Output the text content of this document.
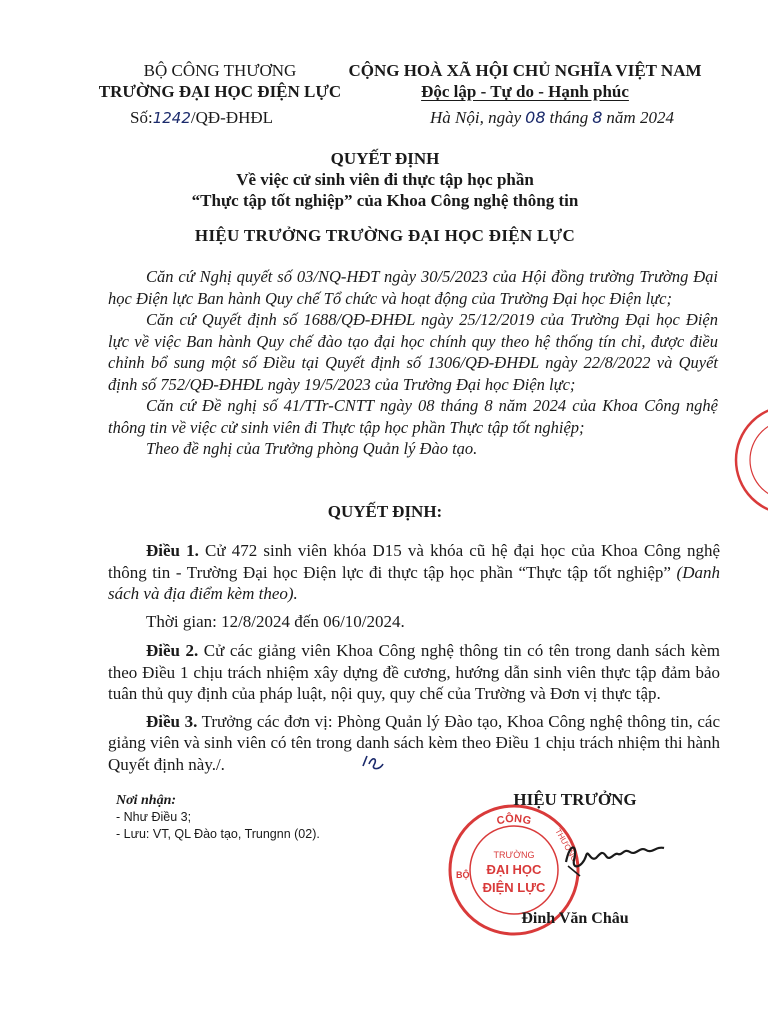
BỘ CÔNG THƯƠNG
TRƯỜNG ĐẠI HỌC ĐIỆN LỰC
CỘNG HOÀ XÃ HỘI CHỦ NGHĨA VIỆT NAM
Độc lập - Tự do - Hạnh phúc
Số:1242/QĐ-ĐHĐL	Hà Nội, ngày 08 tháng 8 năm 2024
QUYẾT ĐỊNH
Về việc cử sinh viên đi thực tập học phần
“Thực tập tốt nghiệp” của Khoa Công nghệ thông tin
HIỆU TRƯỞNG TRƯỜNG ĐẠI HỌC ĐIỆN LỰC

Căn cứ Nghị quyết số 03/NQ-HĐT ngày 30/5/2023 của Hội đồng trường Trường Đại học Điện lực Ban hành Quy chế Tổ chức và hoạt động của Trường Đại học Điện lực;

Căn cứ Quyết định số 1688/QĐ-ĐHĐL ngày 25/12/2019 của Trường Đại học Điện lực về việc Ban hành Quy chế đào tạo đại học chính quy theo hệ thống tín chỉ, được điều chỉnh bổ sung một số Điều tại Quyết định số 1306/QĐ-ĐHĐL ngày 22/8/2022 và Quyết định số 752/QĐ-ĐHĐL ngày 19/5/2023 của Trường Đại học Điện lực;

Căn cứ Đề nghị số 41/TTr-CNTT ngày 08 tháng 8 năm 2024 của Khoa Công nghệ thông tin về việc cử sinh viên đi Thực tập học phần Thực tập tốt nghiệp;

Theo đề nghị của Trưởng phòng Quản lý Đào tạo.

QUYẾT ĐỊNH:

Điều 1. Cử 472 sinh viên khóa D15 và khóa cũ hệ đại học của Khoa Công nghệ thông tin - Trường Đại học Điện lực đi thực tập học phần “Thực tập tốt nghiệp” (Danh sách và địa điểm kèm theo).

Thời gian: 12/8/2024 đến 06/10/2024.

Điều 2. Cử các giảng viên Khoa Công nghệ thông tin có tên trong danh sách kèm theo Điều 1 chịu trách nhiệm xây dựng đề cương, hướng dẫn sinh viên thực tập đảm bảo tuân thủ quy định của pháp luật, nội quy, quy chế của Trường và Đơn vị thực tập.

Điều 3. Trưởng các đơn vị: Phòng Quản lý Đào tạo, Khoa Công nghệ thông tin, các giảng viên và sinh viên có tên trong danh sách kèm theo Điều 1 chịu trách nhiệm thi hành Quyết định này./.

Nơi nhận:
- Như Điều 3;
- Lưu: VT, QL Đào tạo, Trungnn (02).
CÔNG
BỘ
THƯƠNG
TRƯỜNG
ĐẠI HỌC
ĐIỆN LỰC
HIỆU TRƯỞNG
Đinh Văn Châu
